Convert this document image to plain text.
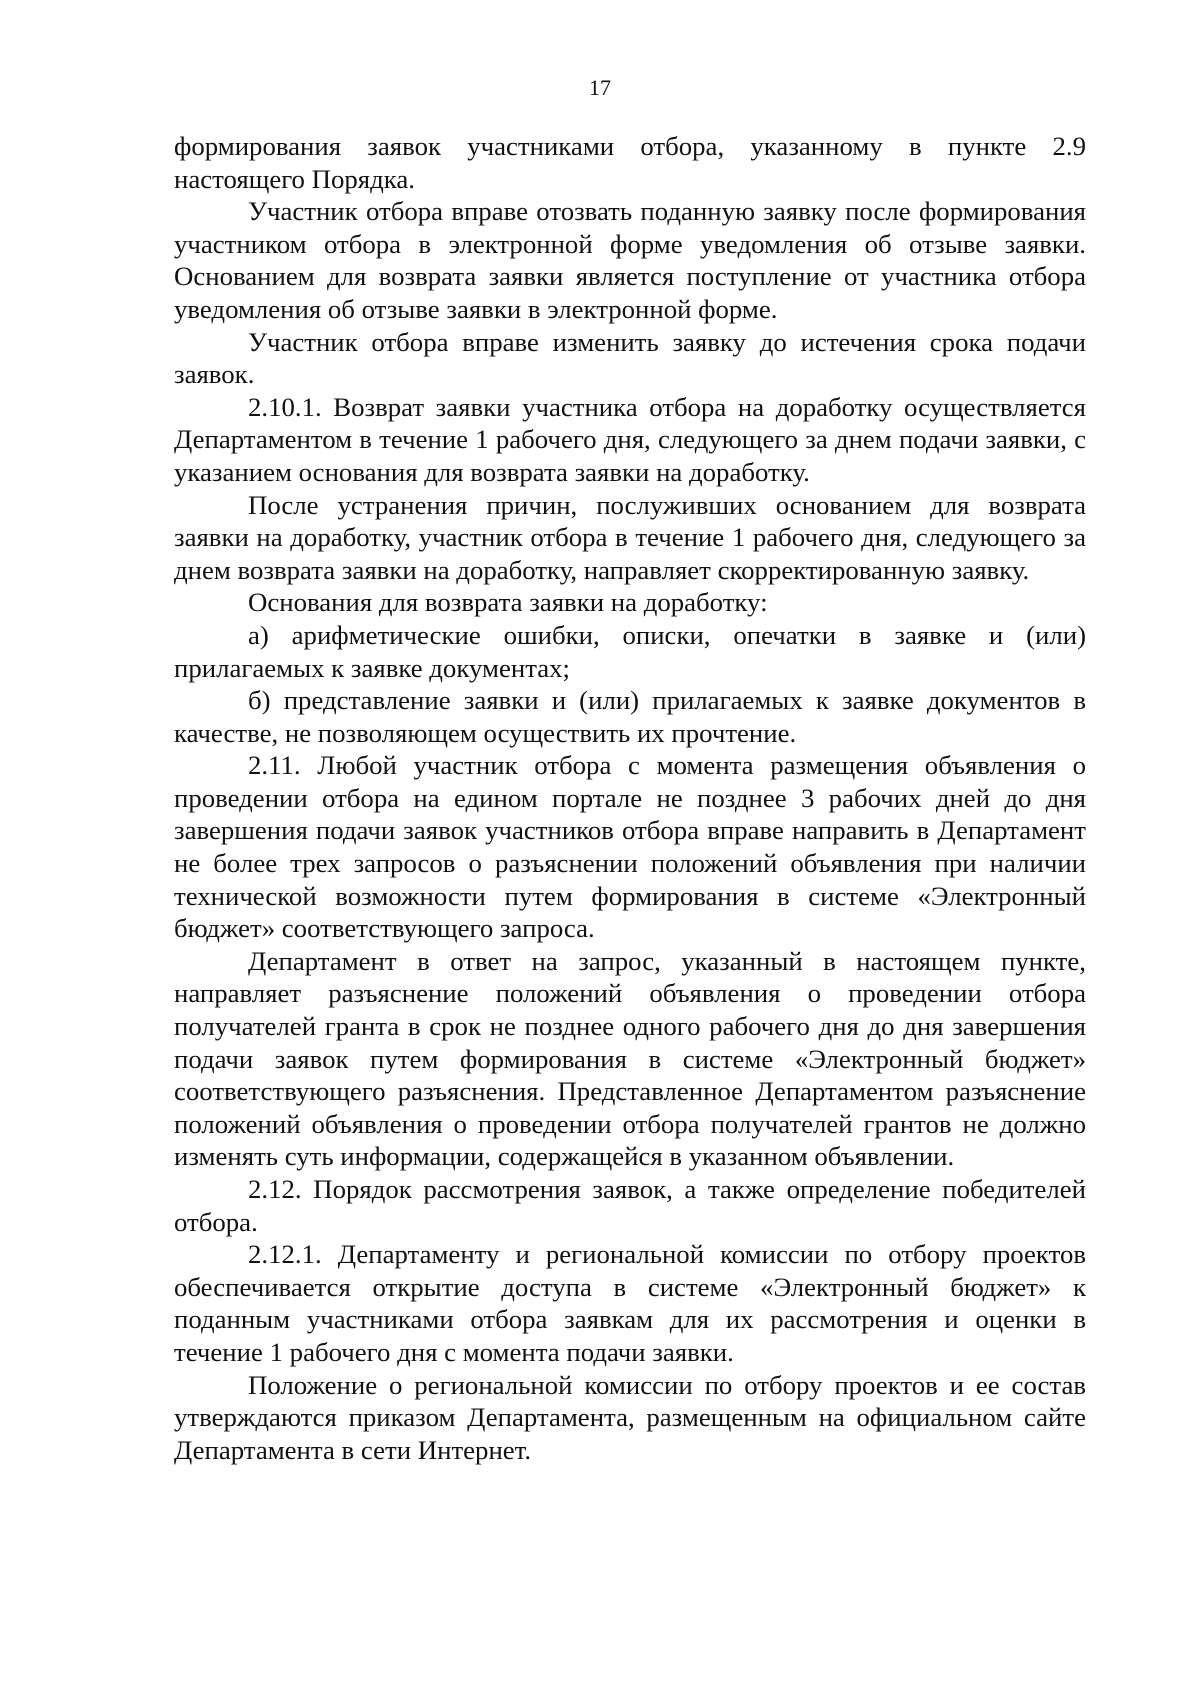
17

формирования заявок участниками отбора, указанному в пункте 2.9 настоящего Порядка.

Участник отбора вправе отозвать поданную заявку после формирования участником отбора в электронной форме уведомления об отзыве заявки. Основанием для возврата заявки является поступление от участника отбора уведомления об отзыве заявки в электронной форме.

Участник отбора вправе изменить заявку до истечения срока подачи заявок.

2.10.1. Возврат заявки участника отбора на доработку осуществляется Департаментом в течение 1 рабочего дня, следующего за днем подачи заявки, с указанием основания для возврата заявки на доработку.

После устранения причин, послуживших основанием для возврата заявки на доработку, участник отбора в течение 1 рабочего дня, следующего за днем возврата заявки на доработку, направляет скорректированную заявку.

Основания для возврата заявки на доработку:

а) арифметические ошибки, описки, опечатки в заявке и (или) прилагаемых к заявке документах;

б) представление заявки и (или) прилагаемых к заявке документов в качестве, не позволяющем осуществить их прочтение.

2.11. Любой участник отбора с момента размещения объявления о проведении отбора на едином портале не позднее 3 рабочих дней до дня завершения подачи заявок участников отбора вправе направить в Департамент не более трех запросов о разъяснении положений объявления при наличии технической возможности путем формирования в системе «Электронный бюджет» соответствующего запроса.

Департамент в ответ на запрос, указанный в настоящем пункте, направляет разъяснение положений объявления о проведении отбора получателей гранта в срок не позднее одного рабочего дня до дня завершения подачи заявок путем формирования в системе «Электронный бюджет» соответствующего разъяснения. Представленное Департаментом разъяснение положений объявления о проведении отбора получателей грантов не должно изменять суть информации, содержащейся в указанном объявлении.

2.12. Порядок рассмотрения заявок, а также определение победителей отбора.

2.12.1. Департаменту и региональной комиссии по отбору проектов обеспечивается открытие доступа в системе «Электронный бюджет» к поданным участниками отбора заявкам для их рассмотрения и оценки в течение 1 рабочего дня с момента подачи заявки.

Положение о региональной комиссии по отбору проектов и ее состав утверждаются приказом Департамента, размещенным на официальном сайте Департамента в сети Интернет.
